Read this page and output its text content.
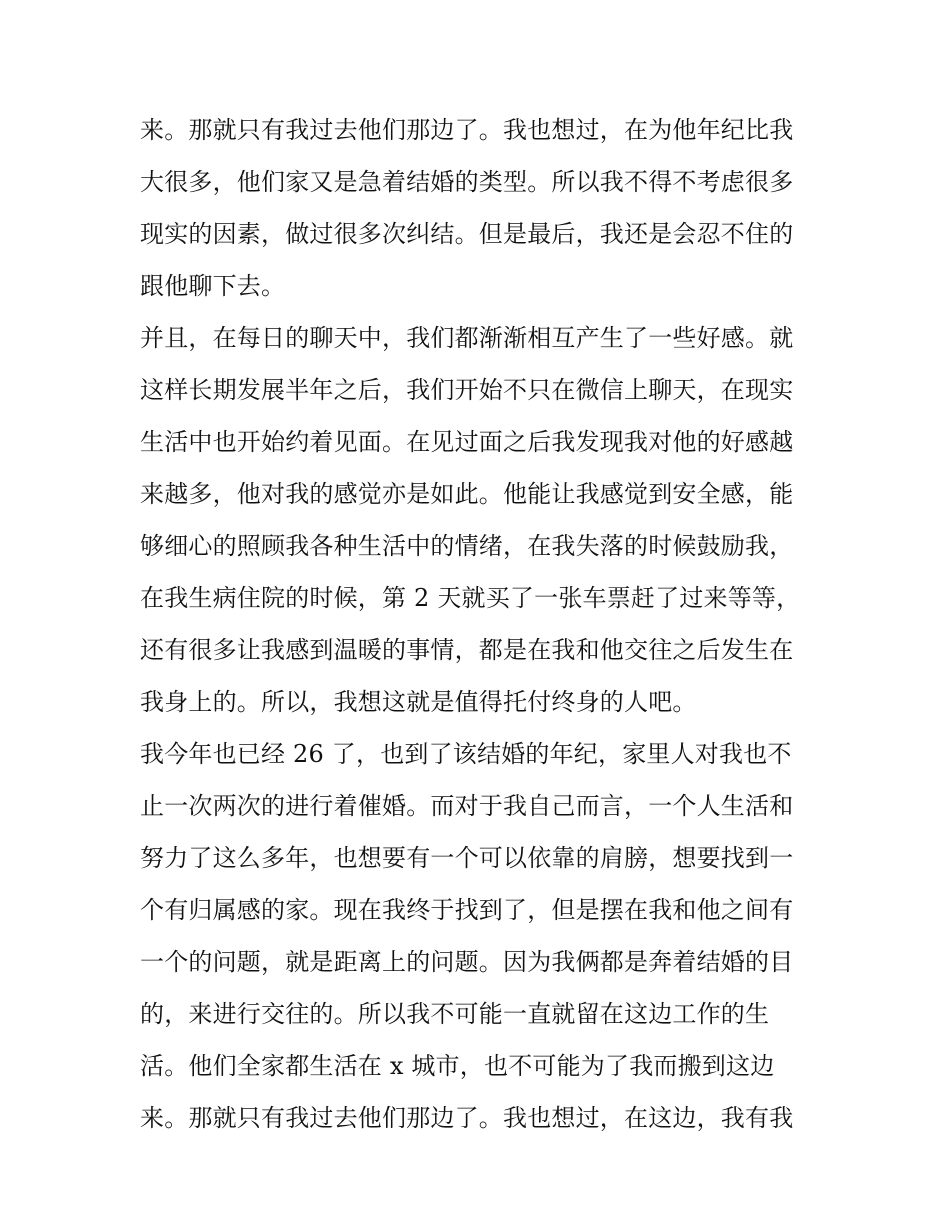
来。那就只有我过去他们那边了。我也想过，在为他年纪比我
大很多，他们家又是急着结婚的类型。所以我不得不考虑很多
现实的因素，做过很多次纠结。但是最后，我还是会忍不住的
跟他聊下去。
并且，在每日的聊天中，我们都渐渐相互产生了一些好感。就
这样长期发展半年之后，我们开始不只在微信上聊天，在现实
生活中也开始约着见面。在见过面之后我发现我对他的好感越
来越多，他对我的感觉亦是如此。他能让我感觉到安全感，能
够细心的照顾我各种生活中的情绪，在我失落的时候鼓励我，
在我生病住院的时候，第 2 天就买了一张车票赶了过来等等，
还有很多让我感到温暖的事情，都是在我和他交往之后发生在
我身上的。所以，我想这就是值得托付终身的人吧。
我今年也已经 26 了，也到了该结婚的年纪，家里人对我也不
止一次两次的进行着催婚。而对于我自己而言，一个人生活和
努力了这么多年，也想要有一个可以依靠的肩膀，想要找到一
个有归属感的家。现在我终于找到了，但是摆在我和他之间有
一个的问题，就是距离上的问题。因为我俩都是奔着结婚的目
的，来进行交往的。所以我不可能一直就留在这边工作的生
活。他们全家都生活在 x 城市，也不可能为了我而搬到这边
来。那就只有我过去他们那边了。我也想过，在这边，我有我
